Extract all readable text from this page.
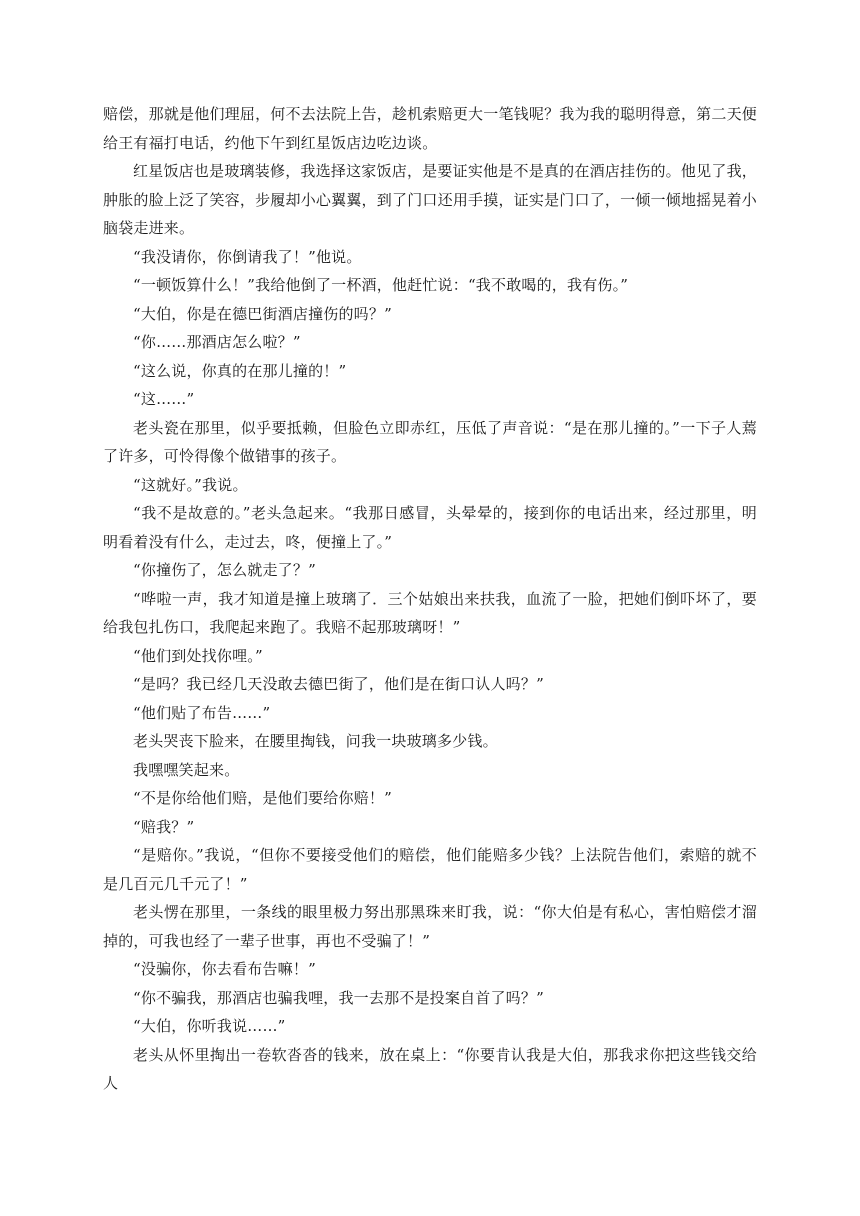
赔偿，那就是他们理屈，何不去法院上告，趁机索赔更大一笔钱呢？我为我的聪明得意，第二天便给王有福打电话，约他下午到红星饭店边吃边谈。

红星饭店也是玻璃装修，我选择这家饭店，是要证实他是不是真的在酒店挂伤的。他见了我，肿胀的脸上泛了笑容，步履却小心翼翼，到了门口还用手摸，证实是门口了，一倾一倾地摇晃着小脑袋走进来。

“我没请你，你倒请我了！”他说。

“一顿饭算什么！”我给他倒了一杯酒，他赶忙说：“我不敢喝的，我有伤。”

“大伯，你是在德巴街酒店撞伤的吗？”

“你……那酒店怎么啦？”

“这么说，你真的在那儿撞的！”

“这……”

老头瓷在那里，似乎要抵赖，但脸色立即赤红，压低了声音说：“是在那儿撞的。”一下子人蔫了许多，可怜得像个做错事的孩子。

“这就好。”我说。

“我不是故意的。”老头急起来。“我那日感冒，头晕晕的，接到你的电话出来，经过那里，明明看着没有什么，走过去，咚，便撞上了。”

“你撞伤了，怎么就走了？”

“哗啦一声，我才知道是撞上玻璃了．三个姑娘出来扶我，血流了一脸，把她们倒吓坏了，要给我包扎伤口，我爬起来跑了。我赔不起那玻璃呀！”

“他们到处找你哩。”

“是吗？我已经几天没敢去德巴街了，他们是在街口认人吗？”

“他们贴了布告……”

老头哭丧下脸来，在腰里掏钱，问我一块玻璃多少钱。

我嘿嘿笑起来。

“不是你给他们赔，是他们要给你赔！”

“赔我？”

“是赔你。”我说，“但你不要接受他们的赔偿，他们能赔多少钱？上法院告他们，索赔的就不是几百元几千元了！”

老头愣在那里，一条线的眼里极力努出那黑珠来盯我，说：“你大伯是有私心，害怕赔偿才溜掉的，可我也经了一辈子世事，再也不受骗了！”

“没骗你，你去看布告嘛！”

“你不骗我，那酒店也骗我哩，我一去那不是投案自首了吗？”

“大伯，你听我说……”

老头从怀里掏出一卷软沓沓的钱来，放在桌上：“你要肯认我是大伯，那我求你把这些钱交给人
